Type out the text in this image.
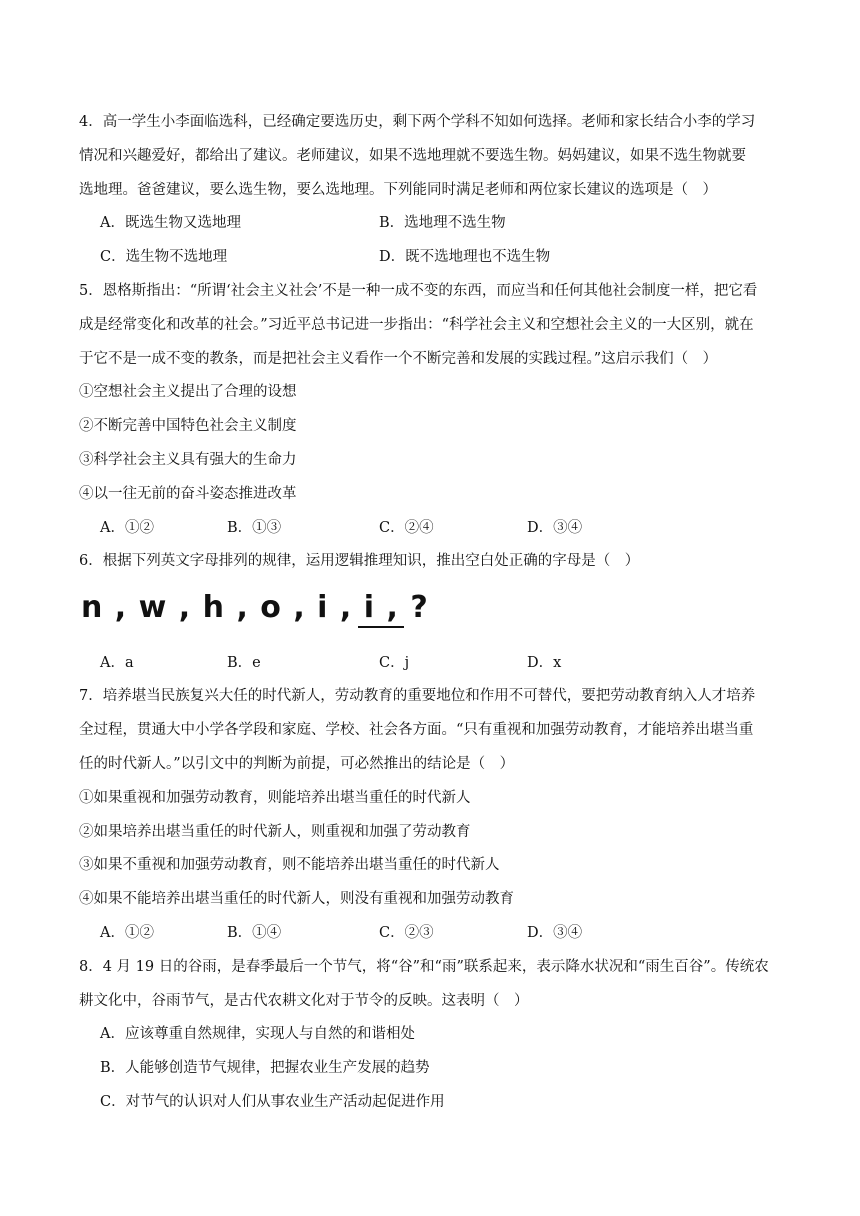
4．高一学生小李面临选科，已经确定要选历史，剩下两个学科不知如何选择。老师和家长结合小李的学习
情况和兴趣爱好，都给出了建议。老师建议，如果不选地理就不要选生物。妈妈建议，如果不选生物就要
选地理。爸爸建议，要么选生物，要么选地理。下列能同时满足老师和两位家长建议的选项是（　）
A．既选生物又选地理	B．选地理不选生物
C．选生物不选地理	D．既不选地理也不选生物
5．恩格斯指出：“所谓‘社会主义社会’不是一种一成不变的东西，而应当和任何其他社会制度一样，把它看
成是经常变化和改革的社会。”习近平总书记进一步指出：“科学社会主义和空想社会主义的一大区别，就在
于它不是一成不变的教条，而是把社会主义看作一个不断完善和发展的实践过程。”这启示我们（　）
①空想社会主义提出了合理的设想
②不断完善中国特色社会主义制度
③科学社会主义具有强大的生命力
④以一往无前的奋斗姿态推进改革
A．①②	B．①③	C．②④	D．③④
6．根据下列英文字母排列的规律，运用逻辑推理知识，推出空白处正确的字母是（　）
n , w , h , o , i , i , ?
A．a	B．e	C．j	D．x
7．培养堪当民族复兴大任的时代新人，劳动教育的重要地位和作用不可替代，要把劳动教育纳入人才培养
全过程，贯通大中小学各学段和家庭、学校、社会各方面。“只有重视和加强劳动教育，才能培养出堪当重
任的时代新人。”以引文中的判断为前提，可必然推出的结论是（　）
①如果重视和加强劳动教育，则能培养出堪当重任的时代新人
②如果培养出堪当重任的时代新人，则重视和加强了劳动教育
③如果不重视和加强劳动教育，则不能培养出堪当重任的时代新人
④如果不能培养出堪当重任的时代新人，则没有重视和加强劳动教育
A．①②	B．①④	C．②③	D．③④
8．4 月 19 日的谷雨，是春季最后一个节气，将“谷”和“雨”联系起来，表示降水状况和“雨生百谷”。传统农
耕文化中，谷雨节气，是古代农耕文化对于节令的反映。这表明（　）
A．应该尊重自然规律，实现人与自然的和谐相处
B．人能够创造节气规律，把握农业生产发展的趋势
C．对节气的认识对人们从事农业生产活动起促进作用
